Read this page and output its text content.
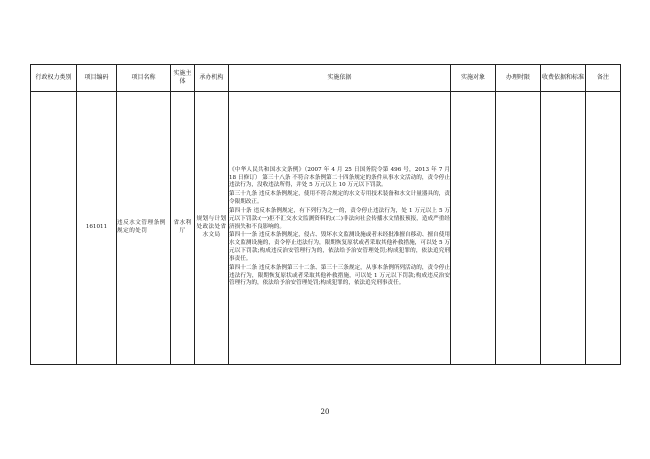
行政权力类别	项目编码	项目名称	实施主体	承办机构	实施依据	实施对象	办理时限	收费依据和标准	备注
	161011	违反水文管理条例规定的处罚	省水利厅	规划与计划处政法处省水文局	《中华人民共和国水文条例》（2007 年 4 月 25 日国务院令第 496 号，2013 年 7 月 18 日修订） 第三十八条 不符合本条例第二十四条规定的条件从事水文活动的，责令停止违法行为，没收违法所得，并处 5 万元以上 10 万元以下罚款。

第三十九条 违反本条例规定，使用不符合规定的水文专用技术装备和水文计量器具的，责令限期改正。

第四十条 违反本条例规定，有下列行为之一的，责令停止违法行为，处 1 万元以上 5 万元以下罚款:(一)拒不汇交水文监测资料的;(二)非法向社会传播水文情报预报，造成严重经济损失和不良影响的。

第四十一条 违反本条例规定，侵占、毁坏水文监测设施或者未经批准擅自移动、擅自使用水文监测设施的，责令停止违法行为，限期恢复原状或者采取其他补救措施，可以处 5 万元以下罚款;构成违反治安管理行为的，依法给予治安管理处罚;构成犯罪的，依法追究刑事责任。

第四十二条 违反本条例第三十二条、第三十三条规定，从事本条例所列活动的，责令停止违法行为，限期恢复原状或者采取其他补救措施，可以处 1 万元以下罚款;构成违反治安管理行为的，依法给予治安管理处罚;构成犯罪的，依法追究刑事责任。				

20
